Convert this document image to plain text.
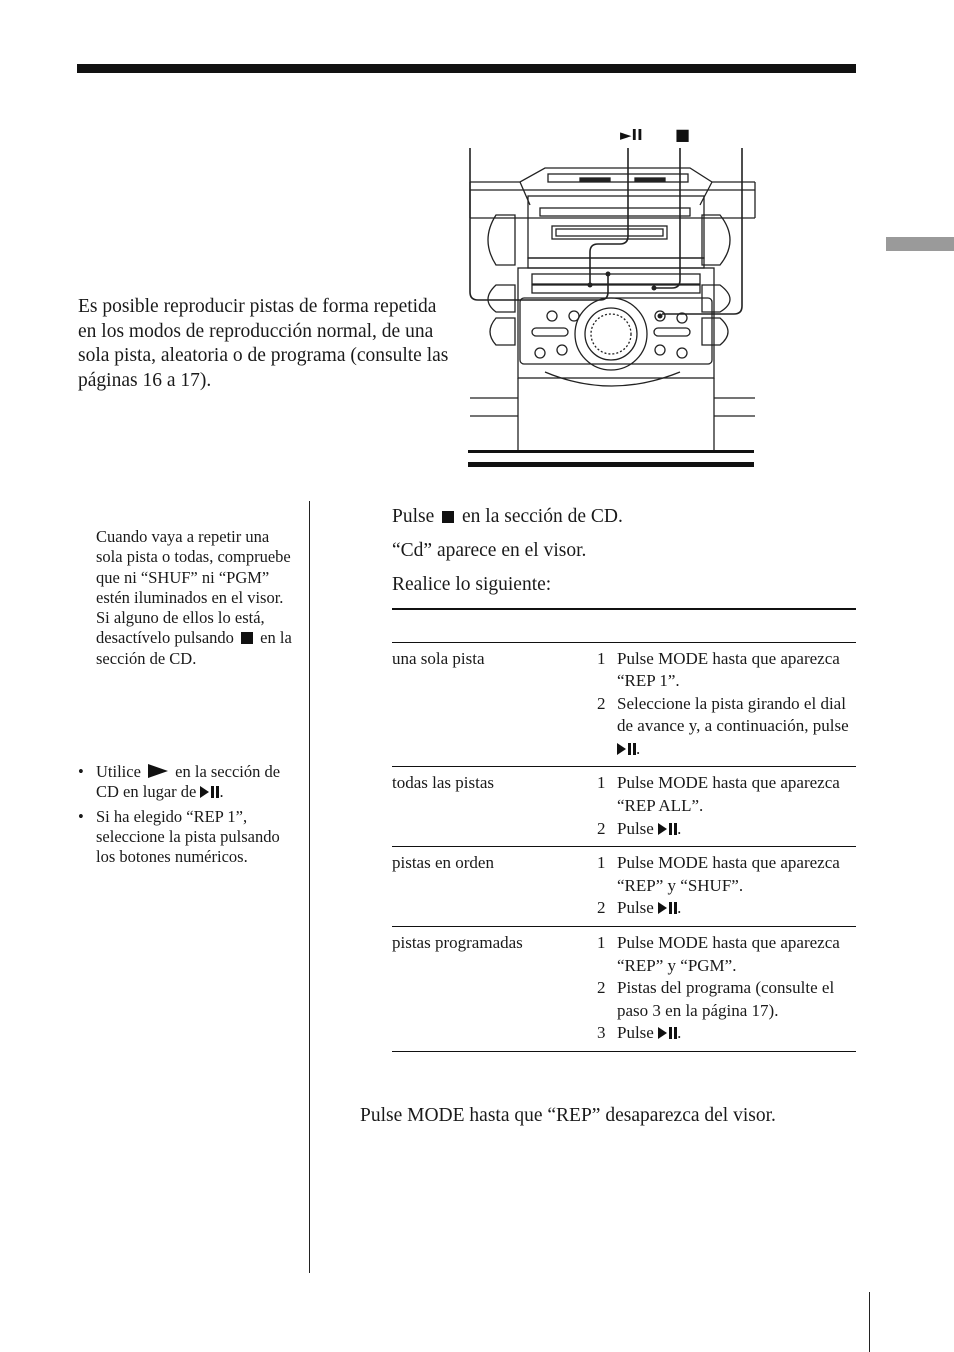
Es posible reproducir pistas de forma repetida en los modos de reproducción normal, de una sola pista, aleatoria o de programa (consulte las páginas 16 a 17).

►II ■
Cuando vaya a repetir una sola pista o todas, compruebe que ni “SHUF” ni “PGM” estén iluminados en el visor. Si alguno de ellos lo está, desactívelo pulsando en la sección de CD.
• Utilice en la sección de CD en lugar de .
• Si ha elegido “REP 1”, seleccione la pista pulsando los botones numéricos.
Pulse en la sección de CD.
“Cd” aparece en el visor.
Realice lo siguiente:
una sola pista	1 Pulse MODE hasta que aparezca “REP 1”.
2 Seleccione la pista girando el dial de avance y, a continuación, pulse.
todas las pistas	1 Pulse MODE hasta que aparezca “REP ALL”.
2 Pulse .
pistas en orden	1 Pulse MODE hasta que aparezca “REP” y “SHUF”.
2 Pulse .
pistas programadas	1 Pulse MODE hasta que aparezca “REP” y “PGM”.
2 Pistas del programa (consulte el paso 3 en la página 17).
3 Pulse .
Pulse MODE hasta que “REP” desaparezca del visor.
